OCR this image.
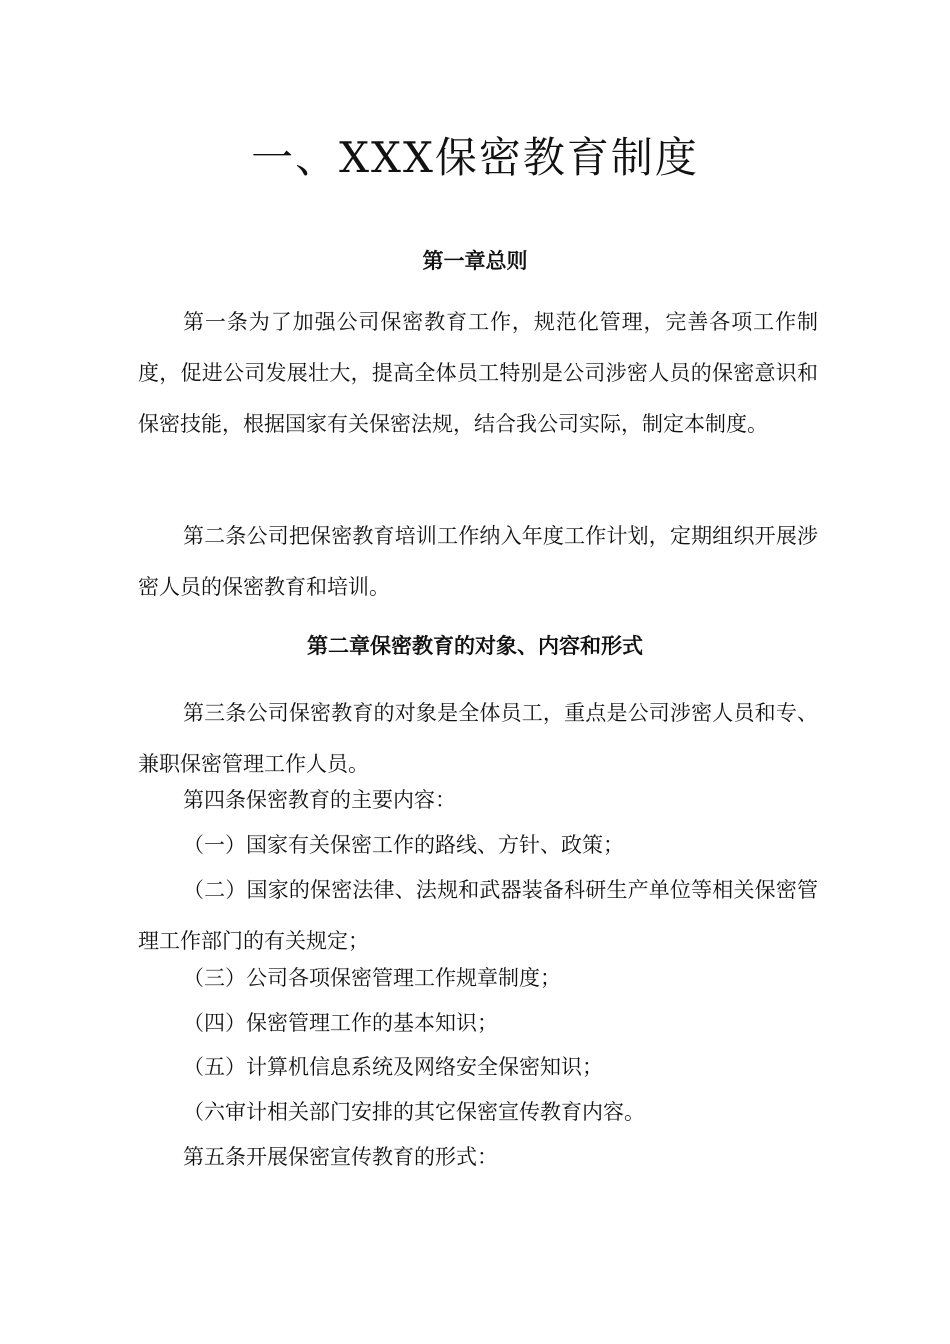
一、XXX保密教育制度
第一章总则

第一条为了加强公司保密教育工作，规范化管理，完善各项工作制度，促进公司发展壮大，提高全体员工特别是公司涉密人员的保密意识和保密技能，根据国家有关保密法规，结合我公司实际，制定本制度。

第二条公司把保密教育培训工作纳入年度工作计划，定期组织开展涉密人员的保密教育和培训。

第二章保密教育的对象、内容和形式

第三条公司保密教育的对象是全体员工，重点是公司涉密人员和专、兼职保密管理工作人员。

第四条保密教育的主要内容：

（一）国家有关保密工作的路线、方针、政策；

（二）国家的保密法律、法规和武器装备科研生产单位等相关保密管理工作部门的有关规定；

（三）公司各项保密管理工作规章制度；

（四）保密管理工作的基本知识；

（五）计算机信息系统及网络安全保密知识；

（六审计相关部门安排的其它保密宣传教育内容。

第五条开展保密宣传教育的形式：
